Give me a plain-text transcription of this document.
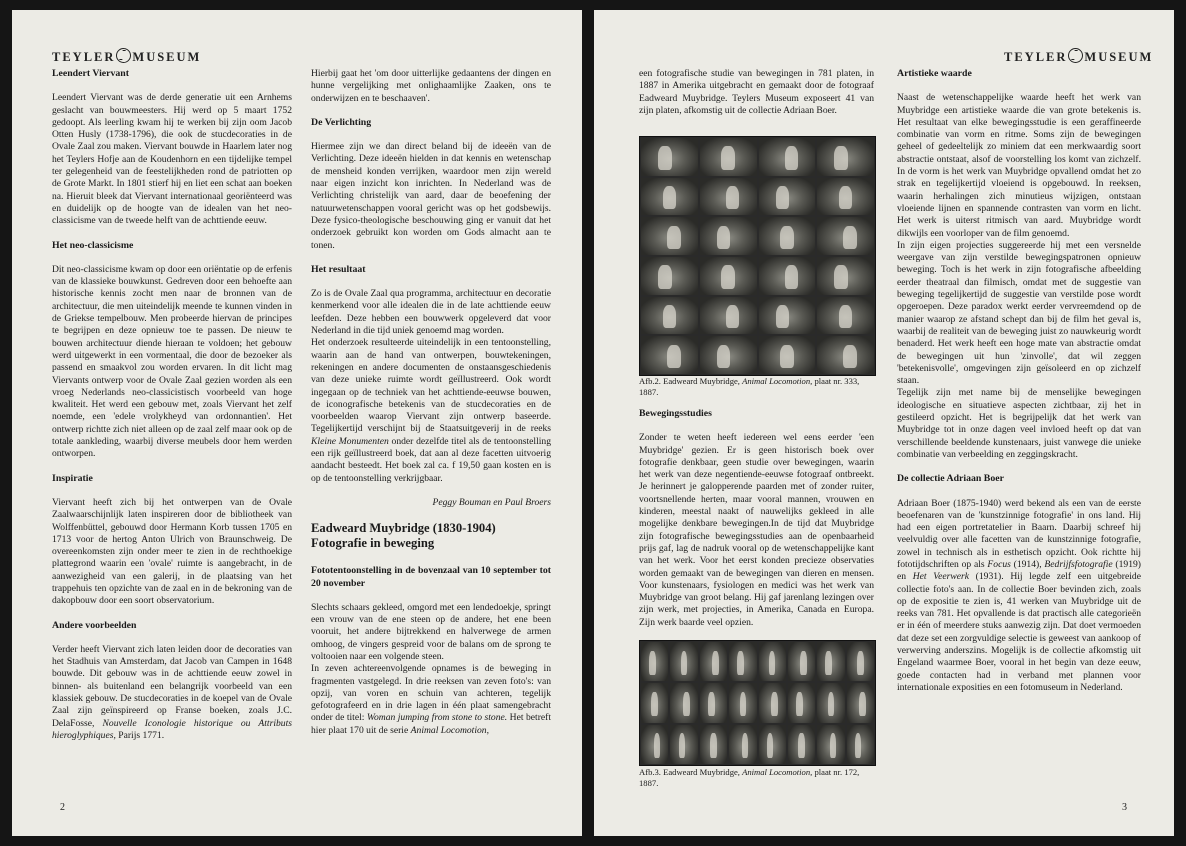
TEYLER MUSEUM
Leendert Viervant

Leendert Viervant was de derde generatie uit een Arnhems geslacht van bouwmeesters. Hij werd op 5 maart 1752 gedoopt. Als leerling kwam hij te werken bij zijn oom Jacob Otten Husly (1738-1796), die ook de stucdecoraties in de Ovale Zaal zou maken. Viervant bouwde in Haarlem later nog het Teylers Hofje aan de Koudenhorn en een tijdelijke tempel ter gelegenheid van de feestelijkheden rond de patriotten op de Grote Markt. In 1801 stierf hij en liet een schat aan boeken na. Hieruit bleek dat Viervant internationaal georiënteerd was en duidelijk op de hoogte van de idealen van het neo-classicisme van de tweede helft van de achttiende eeuw.

Het neo-classicisme

Dit neo-classicisme kwam op door een oriëntatie op de erfenis van de klassieke bouwkunst. Gedreven door een behoefte aan historische kennis zocht men naar de bronnen van de architectuur, die men uiteindelijk meende te kunnen vinden in de Griekse tempelbouw. Men probeerde hiervan de principes te begrijpen en deze opnieuw toe te passen. De nieuw te bouwen architectuur diende hieraan te voldoen; het gebouw werd uitgewerkt in een vormentaal, die door de bezoeker als passend en smaakvol zou worden ervaren. In dit licht mag Viervants ontwerp voor de Ovale Zaal gezien worden als een vroeg Nederlands neo-classicistisch voorbeeld van hoge kwaliteit. Het werd een gebouw met, zoals Viervant het zelf noemde, een 'edele vrolykheyd van ordonnantien'. Het ontwerp richtte zich niet alleen op de zaal zelf maar ook op de totale aankleding, waarbij diverse meubels door hem werden ontworpen.

Inspiratie

Viervant heeft zich bij het ontwerpen van de Ovale Zaalwaarschijnlijk laten inspireren door de bibliotheek van Wolffenbüttel, gebouwd door Hermann Korb tussen 1705 en 1713 voor de hertog Anton Ulrich von Braunschweig. De overeenkomsten zijn onder meer te zien in de rechthoekige plattegrond waarin een 'ovale' ruimte is aangebracht, in de aanwezigheid van een galerij, in de plaatsing van het trappehuis ten opzichte van de zaal en in de bekroning van de dakopbouw door een soort observatorium.

Andere voorbeelden

Verder heeft Viervant zich laten leiden door de decoraties van het Stadhuis van Amsterdam, dat Jacob van Campen in 1648 bouwde. Dit gebouw was in de achttiende eeuw zowel in binnen- als buitenland een belangrijk voorbeeld van een klassiek gebouw. De stucdecoraties in de koepel van de Ovale Zaal zijn geïnspireerd op Franse boeken, zoals J.C. DelaFosse, Nouvelle Iconologie historique ou Attributs hieroglyphiques, Parijs 1771.

Hierbij gaat het 'om door uitterlijke gedaantens der dingen en hunne vergelijking met onlighaamlijke Zaaken, ons te onderwijzen en te beschaaven'.

De Verlichting

Hiermee zijn we dan direct beland bij de ideeën van de Verlichting. Deze ideeën hielden in dat kennis en wetenschap de mensheid konden verrijken, waardoor men zijn wereld naar eigen inzicht kon inrichten. In Nederland was de Verlichting christelijk van aard, daar de beoefening der natuurwetenschappen vooral gericht was op het godsbewijs. Deze fysico-theologische beschouwing ging er vanuit dat het onderzoek gebruikt kon worden om Gods almacht aan te tonen.

Het resultaat

Zo is de Ovale Zaal qua programma, architectuur en decoratie kenmerkend voor alle idealen die in de late achttiende eeuw leefden. Deze hebben een bouwwerk opgeleverd dat voor Nederland in die tijd uniek genoemd mag worden.

Het onderzoek resulteerde uiteindelijk in een tentoonstelling, waarin aan de hand van ontwerpen, bouwtekeningen, rekeningen en andere documenten de onstaansgeschiedenis van deze unieke ruimte wordt geïllustreerd. Ook wordt ingegaan op de techniek van het achttiende-eeuwse bouwen, de iconografische betekenis van de stucdecoraties en de voorbeelden waarop Viervant zijn ontwerp baseerde. Tegelijkertijd verschijnt bij de Staatsuitgeverij in de reeks Kleine Monumenten onder dezelfde titel als de tentoonstelling een rijk geïllustreerd boek, dat aan al deze facetten uitvoerig aandacht besteedt. Het boek zal ca. f 19,50 gaan kosten en is op de tentoonstelling verkrijgbaar.

Peggy Bouman en Paul Broers

Eadweard Muybridge (1830-1904) Fotografie in beweging
Fototentoonstelling in de bovenzaal van 10 september tot 20 november

Slechts schaars gekleed, omgord met een lendedoekje, springt een vrouw van de ene steen op de andere, het ene been vooruit, het andere bijtrekkend en halverwege de armen omhoog, de vingers gespreid voor de balans om de sprong te voltooien naar een volgende steen.

In zeven achtereenvolgende opnames is de beweging in fragmenten vastgelegd. In drie reeksen van zeven foto's: van opzij, van voren en schuin van achteren, tegelijk gefotografeerd en in drie lagen in één plaat samengebracht onder de titel: Woman jumping from stone to stone. Het betreft hier plaat 170 uit de serie Animal Locomotion,

2
TEYLER MUSEUM

een fotografische studie van bewegingen in 781 platen, in 1887 in Amerika uitgebracht en gemaakt door de fotograaf Eadweard Muybridge. Teylers Museum exposeert 41 van zijn platen, afkomstig uit de collectie Adriaan Boer.

Afb.2. Eadweard Muybridge, Animal Locomotion, plaat nr. 333, 1887.
Bewegingsstudies

Zonder te weten heeft iedereen wel eens eerder 'een Muybridge' gezien. Er is geen historisch boek over fotografie denkbaar, geen studie over bewegingen, waarin het werk van deze negentiende-eeuwse fotograaf ontbreekt. Je herinnert je galopperende paarden met of zonder ruiter, voortsnellende herten, maar vooral mannen, vrouwen en kinderen, meestal naakt of nauwelijks gekleed in alle mogelijke denkbare bewegingen.In de tijd dat Muybridge zijn fotografische bewegingsstudies aan de openbaarheid prijs gaf, lag de nadruk vooral op de wetenschappelijke kant van het werk. Voor het eerst konden precieze observaties worden gemaakt van de bewegingen van dieren en mensen. Voor kunstenaars, fysiologen en medici was het werk van Muybridge van groot belang. Hij gaf jarenlang lezingen over zijn werk, met projecties, in Amerika, Canada en Europa. Zijn werk baarde veel opzien.

Afb.3. Eadweard Muybridge, Animal Locomotion, plaat nr. 172, 1887.
Artistieke waarde

Naast de wetenschappelijke waarde heeft het werk van Muybridge een artistieke waarde die van grote betekenis is. Het resultaat van elke bewegingsstudie is een geraffineerde combinatie van vorm en ritme. Soms zijn de bewegingen geheel of gedeeltelijk zo miniem dat een merkwaardig soort abstractie ontstaat, alsof de voorstelling los komt van zichzelf. In de vorm is het werk van Muybridge opvallend omdat het zo strak en tegelijkertijd vloeiend is opgebouwd. In reeksen, waarin herhalingen zich minutieus wijzigen, ontstaan vloeiende lijnen en spannende contrasten van vorm en licht. Het werk is uiterst ritmisch van aard. Muybridge wordt dikwijls een voorloper van de film genoemd.

In zijn eigen projecties suggereerde hij met een versnelde weergave van zijn verstilde bewegingspatronen opnieuw beweging. Toch is het werk in zijn fotografische afbeelding eerder theatraal dan filmisch, omdat met de suggestie van beweging tegelijkertijd de suggestie van verstilde pose wordt opgeroepen. Deze paradox werkt eerder vervreemdend op de manier waarop ze afstand schept dan bij de film het geval is, waarbij de realiteit van de beweging juist zo nauwkeurig wordt benaderd. Het werk heeft een hoge mate van abstractie omdat de bewegingen uit hun 'zinvolle', dat wil zeggen 'betekenisvolle', omgevingen zijn geïsoleerd en op zichzelf staan.

Tegelijk zijn met name bij de menselijke bewegingen ideologische en situatieve aspecten zichtbaar, zij het in gestileerd opzicht. Het is begrijpelijk dat het werk van Muybridge tot in onze dagen veel invloed heeft op dat van verschillende beeldende kunstenaars, juist vanwege die unieke combinatie van verbeelding en zeggingskracht.

De collectie Adriaan Boer

Adriaan Boer (1875-1940) werd bekend als een van de eerste beoefenaren van de 'kunstzinnige fotografie' in ons land. Hij had een eigen portretatelier in Baarn. Daarbij schreef hij veelvuldig over alle facetten van de kunstzinnige fotografie, zowel in technisch als in esthetisch opzicht. Ook richtte hij fototijdschriften op als Focus (1914), Bedrijfsfotografie (1919) en Het Veerwerk (1931). Hij legde zelf een uitgebreide collectie foto's aan. In de collectie Boer bevinden zich, zoals op de expositie te zien is, 41 werken van Muybridge uit de reeks van 781. Het opvallende is dat practisch alle categorieën er in één of meerdere stuks aanwezig zijn. Dat doet vermoeden dat deze set een zorgvuldige selectie is geweest van aankoop of verwerving anderszins. Mogelijk is de collectie afkomstig uit Engeland waarmee Boer, vooral in het begin van deze eeuw, goede contacten had in verband met plannen voor internationale exposities en een fotomuseum in Nederland.

3
